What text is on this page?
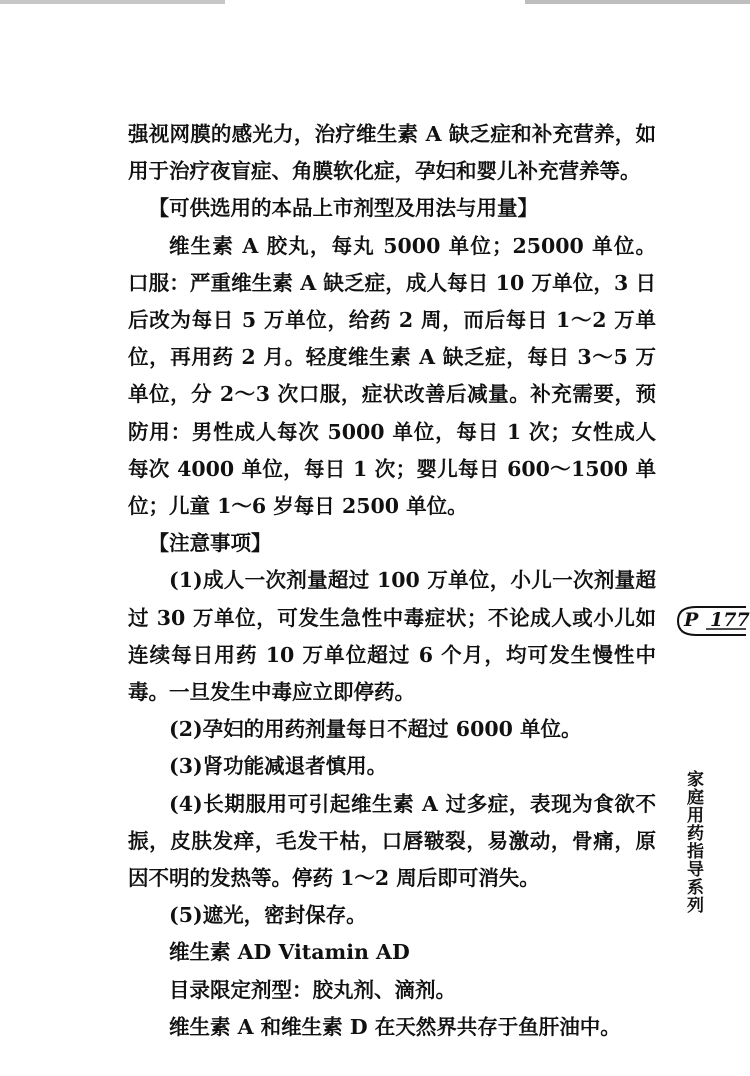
强视网膜的感光力，治疗维生素 A 缺乏症和补充营养，如用于治疗夜盲症、角膜软化症，孕妇和婴儿补充营养等。

【可供选用的本品上市剂型及用法与用量】

维生素 A 胶丸，每丸 5000 单位；25000 单位。口服：严重维生素 A 缺乏症，成人每日 10 万单位，3 日后改为每日 5 万单位，给药 2 周，而后每日 1～2 万单位，再用药 2 月。轻度维生素 A 缺乏症，每日 3～5 万单位，分 2～3 次口服，症状改善后减量。补充需要，预防用：男性成人每次 5000 单位，每日 1 次；女性成人每次 4000 单位，每日 1 次；婴儿每日 600～1500 单位；儿童 1～6 岁每日 2500 单位。

【注意事项】

(1)成人一次剂量超过 100 万单位，小儿一次剂量超过 30 万单位，可发生急性中毒症状；不论成人或小儿如连续每日用药 10 万单位超过 6 个月，均可发生慢性中毒。一旦发生中毒应立即停药。

(2)孕妇的用药剂量每日不超过 6000 单位。

(3)肾功能减退者慎用。

(4)长期服用可引起维生素 A 过多症，表现为食欲不振，皮肤发痒，毛发干枯，口唇皲裂，易激动，骨痛，原因不明的发热等。停药 1～2 周后即可消失。

(5)遮光，密封保存。

维生素 AD Vitamin AD

目录限定剂型：胶丸剂、滴剂。

维生素 A 和维生素 D 在天然界共存于鱼肝油中。

P 177
家庭用药指导系列
